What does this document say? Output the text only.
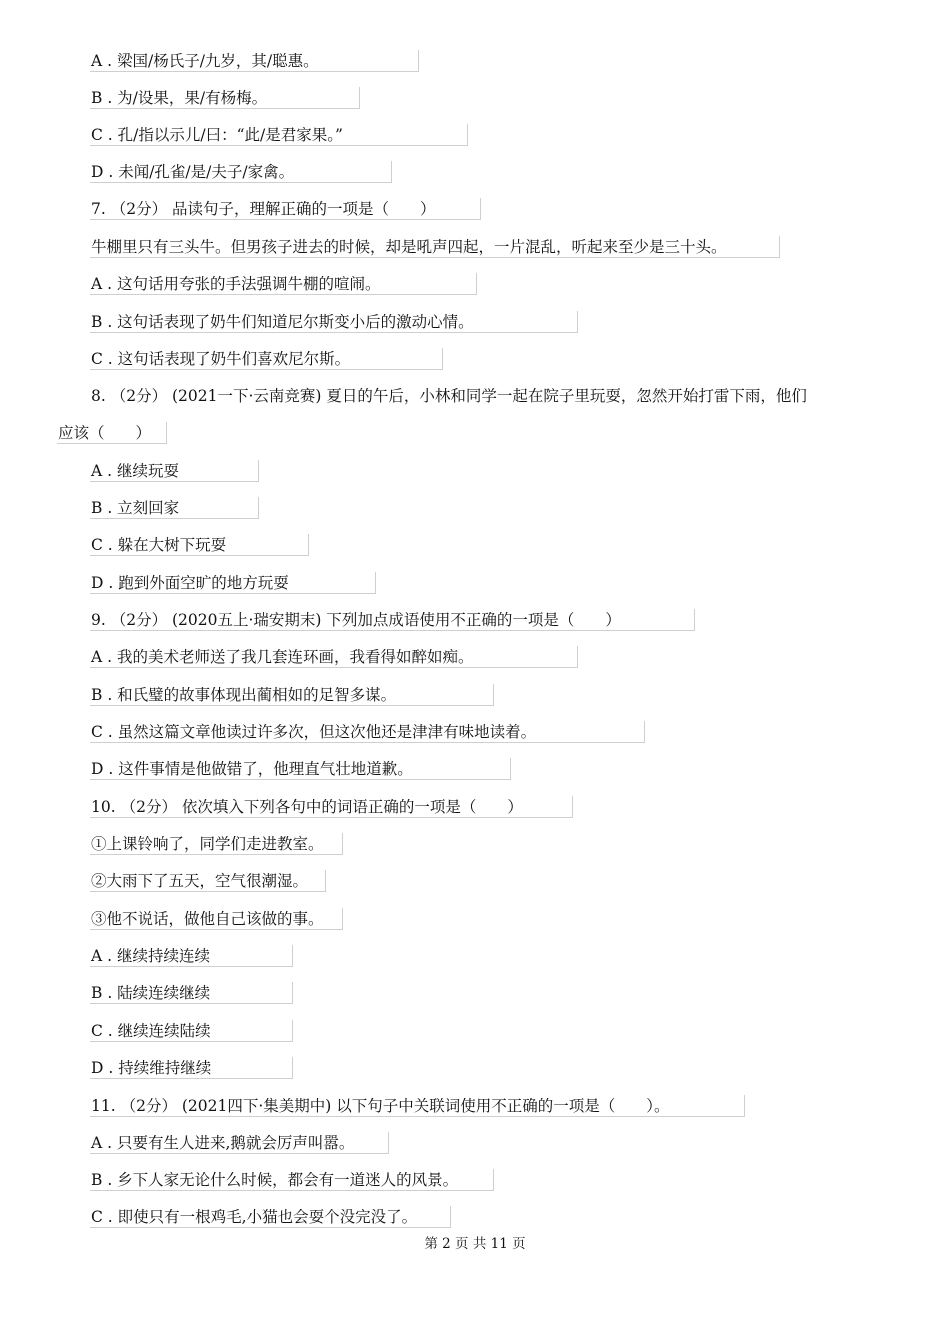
A . 梁国/杨氏子/九岁，其/聪惠。
B . 为/设果，果/有杨梅。
C . 孔/指以示儿/曰：“此/是君家果。”
D . 未闻/孔雀/是/夫子/家禽。
7. （2分） 品读句子，理解正确的一项是（　　）
牛棚里只有三头牛。但男孩子进去的时候，却是吼声四起，一片混乱，听起来至少是三十头。
A . 这句话用夸张的手法强调牛棚的喧闹。
B . 这句话表现了奶牛们知道尼尔斯变小后的激动心情。
C . 这句话表现了奶牛们喜欢尼尔斯。
8. （2分） (2021一下·云南竞赛) 夏日的午后，小林和同学一起在院子里玩耍，忽然开始打雷下雨，他们
应该（　　）
A . 继续玩耍
B . 立刻回家
C . 躲在大树下玩耍
D . 跑到外面空旷的地方玩耍
9. （2分） (2020五上·瑞安期末) 下列加点成语使用不正确的一项是（　　）
A . 我的美术老师送了我几套连环画，我看得如醉如痴。
B . 和氏璧的故事体现出蔺相如的足智多谋。
C . 虽然这篇文章他读过许多次，但这次他还是津津有味地读着。
D . 这件事情是他做错了，他理直气壮地道歉。
10. （2分） 依次填入下列各句中的词语正确的一项是（　　）
①上课铃响了，同学们走进教室。
②大雨下了五天，空气很潮湿。
③他不说话，做他自己该做的事。
A . 继续持续连续
B . 陆续连续继续
C . 继续连续陆续
D . 持续维持继续
11. （2分） (2021四下·集美期中) 以下句子中关联词使用不正确的一项是（　　）。
A . 只要有生人进来,鹅就会厉声叫嚣。
B . 乡下人家无论什么时候，都会有一道迷人的风景。
C . 即使只有一根鸡毛,小猫也会耍个没完没了。
第 2 页 共 11 页
